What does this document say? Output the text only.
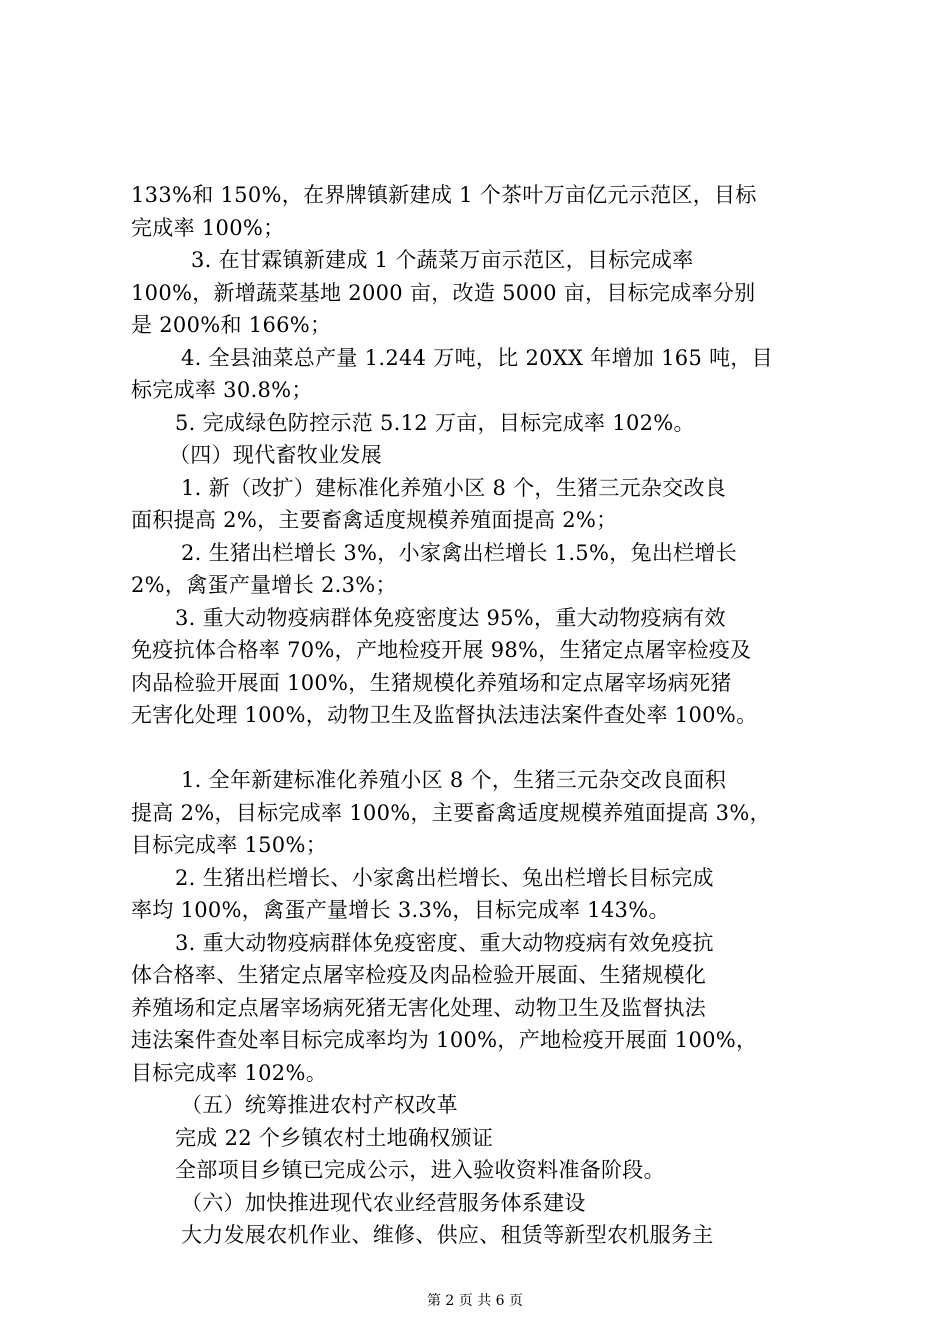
133%和 150%，在界牌镇新建成 1 个茶叶万亩亿元示范区，目标
完成率 100%；
3. 在甘霖镇新建成 1 个蔬菜万亩示范区，目标完成率
100%，新增蔬菜基地 2000 亩，改造 5000 亩，目标完成率分别
是 200%和 166%；
4. 全县油菜总产量 1.244 万吨，比 20XX 年增加 165 吨，目
标完成率 30.8%；
5. 完成绿色防控示范 5.12 万亩，目标完成率 102%。
（四）现代畜牧业发展
1. 新（改扩）建标准化养殖小区 8 个，生猪三元杂交改良
面积提高 2%，主要畜禽适度规模养殖面提高 2%；
2. 生猪出栏增长 3%，小家禽出栏增长 1.5%，兔出栏增长
2%，禽蛋产量增长 2.3%；
3. 重大动物疫病群体免疫密度达 95%，重大动物疫病有效
免疫抗体合格率 70%，产地检疫开展 98%，生猪定点屠宰检疫及
肉品检验开展面 100%，生猪规模化养殖场和定点屠宰场病死猪
无害化处理 100%，动物卫生及监督执法违法案件查处率 100%。
1. 全年新建标准化养殖小区 8 个，生猪三元杂交改良面积
提高 2%，目标完成率 100%，主要畜禽适度规模养殖面提高 3%，
目标完成率 150%；
2. 生猪出栏增长、小家禽出栏增长、兔出栏增长目标完成
率均 100%，禽蛋产量增长 3.3%，目标完成率 143%。
3. 重大动物疫病群体免疫密度、重大动物疫病有效免疫抗
体合格率、生猪定点屠宰检疫及肉品检验开展面、生猪规模化
养殖场和定点屠宰场病死猪无害化处理、动物卫生及监督执法
违法案件查处率目标完成率均为 100%，产地检疫开展面 100%，
目标完成率 102%。
（五）统筹推进农村产权改革
完成 22 个乡镇农村土地确权颁证
全部项目乡镇已完成公示，进入验收资料准备阶段。
（六）加快推进现代农业经营服务体系建设
大力发展农机作业、维修、供应、租赁等新型农机服务主
第 2 页 共 6 页
